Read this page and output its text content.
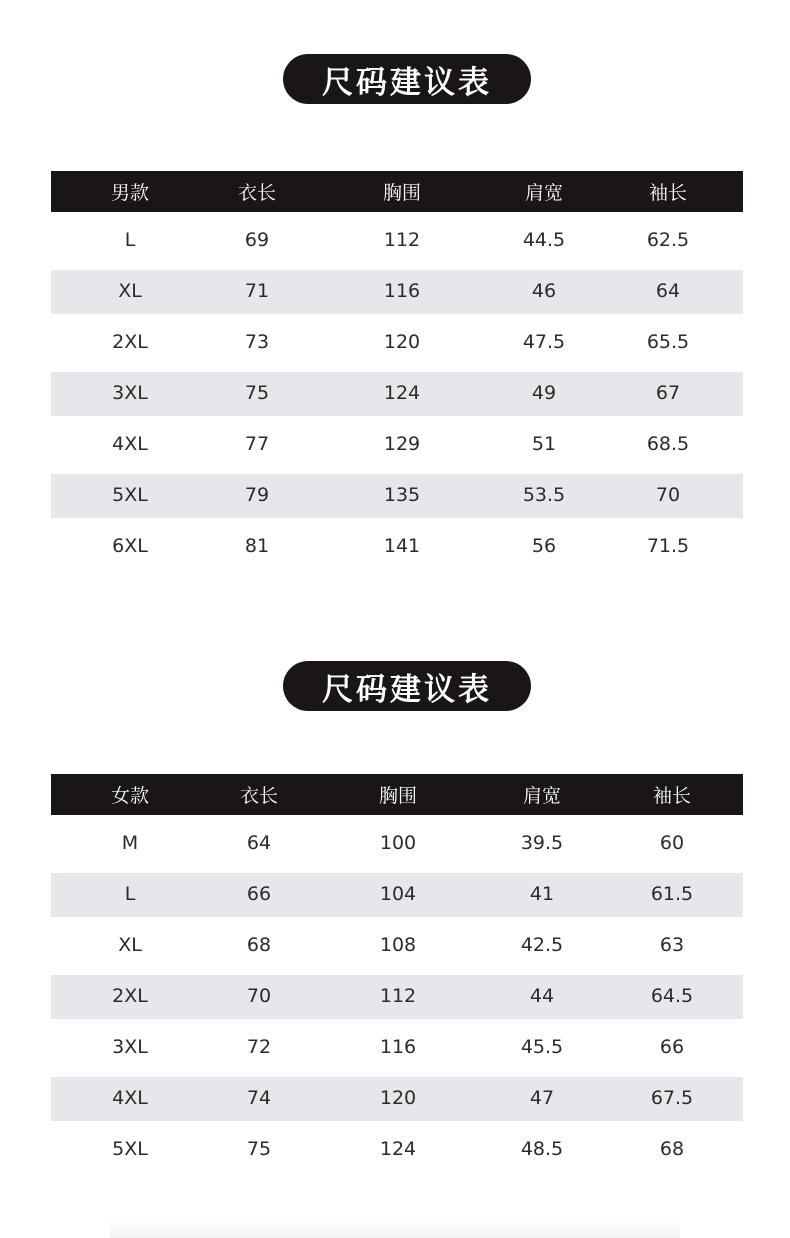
尺码建议表
男款	衣长	胸围	肩宽	袖长
L	69	112	44.5	62.5
XL	71	116	46	64
2XL	73	120	47.5	65.5
3XL	75	124	49	67
4XL	77	129	51	68.5
5XL	79	135	53.5	70
6XL	81	141	56	71.5
尺码建议表
女款	衣长	胸围	肩宽	袖长
M	64	100	39.5	60
L	66	104	41	61.5
XL	68	108	42.5	63
2XL	70	112	44	64.5
3XL	72	116	45.5	66
4XL	74	120	47	67.5
5XL	75	124	48.5	68
